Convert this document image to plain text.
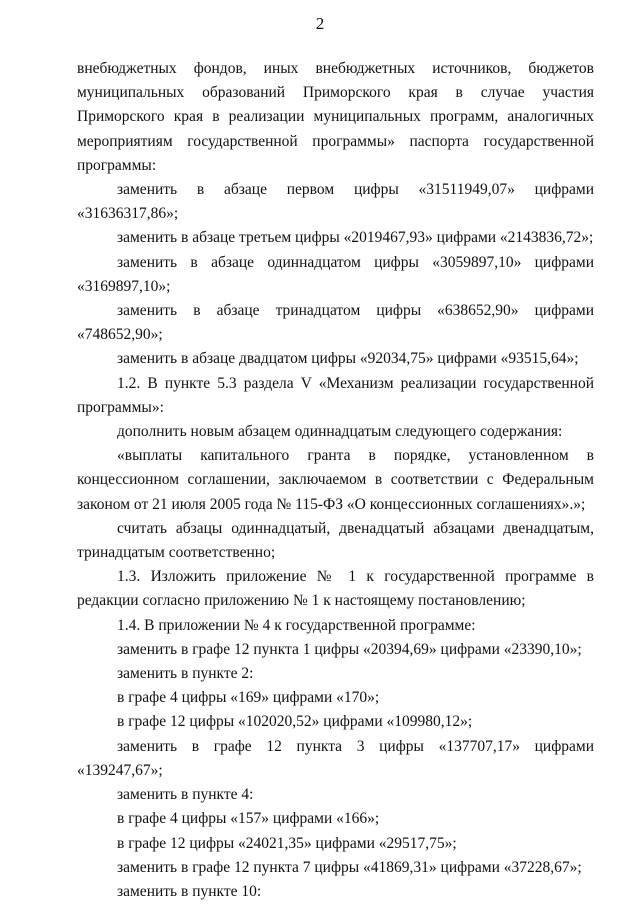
2

внебюджетных фондов, иных внебюджетных источников, бюджетов муниципальных образований Приморского края в случае участия Приморского края в реализации муниципальных программ, аналогичных мероприятиям государственной программы» паспорта государственной программы:

заменить в абзаце первом цифры «31511949,07» цифрами «31636317,86»;

заменить в абзаце третьем цифры «2019467,93» цифрами «2143836,72»;

заменить в абзаце одиннадцатом цифры «3059897,10» цифрами «3169897,10»;

заменить в абзаце тринадцатом цифры «638652,90» цифрами «748652,90»;

заменить в абзаце двадцатом цифры «92034,75» цифрами «93515,64»;

1.2. В пункте 5.3 раздела V «Механизм реализации государственной программы»:

дополнить новым абзацем одиннадцатым следующего содержания:

«выплаты капитального гранта в порядке, установленном в концессионном соглашении, заключаемом в соответствии с Федеральным законом от 21 июля 2005 года № 115-ФЗ «О концессионных соглашениях».»;

считать абзацы одиннадцатый, двенадцатый абзацами двенадцатым, тринадцатым соответственно;

1.3. Изложить приложение № 1 к государственной программе в редакции согласно приложению № 1 к настоящему постановлению;

1.4. В приложении № 4 к государственной программе:

заменить в графе 12 пункта 1 цифры «20394,69» цифрами «23390,10»;

заменить в пункте 2:

в графе 4 цифры «169» цифрами «170»;

в графе 12 цифры «102020,52» цифрами «109980,12»;

заменить в графе 12 пункта 3 цифры «137707,17» цифрами «139247,67»;

заменить в пункте 4:

в графе 4 цифры «157» цифрами «166»;

в графе 12 цифры «24021,35» цифрами «29517,75»;

заменить в графе 12 пункта 7 цифры «41869,31» цифрами «37228,67»;

заменить в пункте 10:
